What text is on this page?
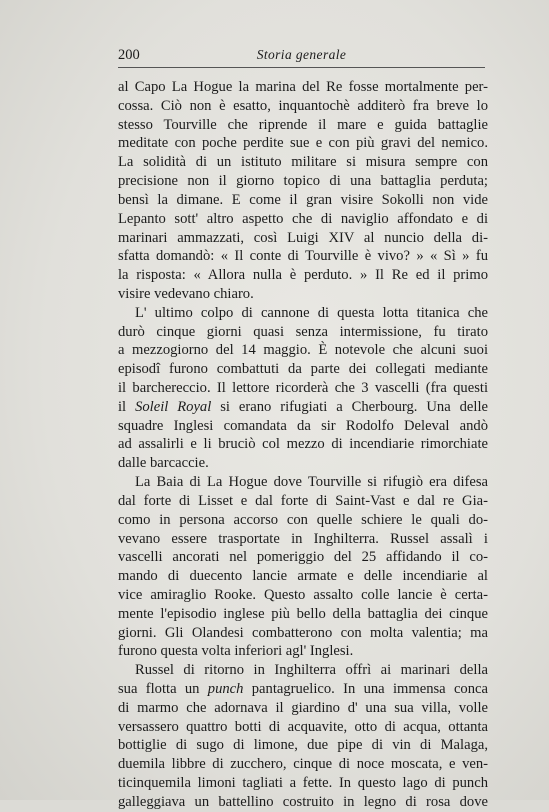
200	Storia generale
al Capo La Hogue la marina del Re fosse mortalmente per-
cossa. Ciò non è esatto, inquantochè additerò fra breve lo
stesso Tourville che riprende il mare e guida battaglie
meditate con poche perdite sue e con più gravi del nemico.
La solidità di un istituto militare si misura sempre con
precisione non il giorno topico di una battaglia perduta;
bensì la dimane. E come il gran visire Sokolli non vide
Lepanto sott' altro aspetto che di naviglio affondato e di
marinari ammazzati, così Luigi XIV al nuncio della di-
sfatta domandò: « Il conte di Tourville è vivo? » « Sì » fu
la risposta: « Allora nulla è perduto. » Il Re ed il primo
visire vedevano chiaro.
L' ultimo colpo di cannone di questa lotta titanica che
durò cinque giorni quasi senza intermissione, fu tirato
a mezzogiorno del 14 maggio. È notevole che alcuni suoi
episodî furono combattuti da parte dei collegati mediante
il barchereccio. Il lettore ricorderà che 3 vascelli (fra questi
il Soleil Royal si erano rifugiati a Cherbourg. Una delle
squadre Inglesi comandata da sir Rodolfo Deleval andò
ad assalirli e li bruciò col mezzo di incendiarie rimorchiate
dalle barcaccie.
La Baia di La Hogue dove Tourville si rifugiò era difesa
dal forte di Lisset e dal forte di Saint-Vast e dal re Gia-
como in persona accorso con quelle schiere le quali do-
vevano essere trasportate in Inghilterra. Russel assalì i
vascelli ancorati nel pomeriggio del 25 affidando il co-
mando di duecento lancie armate e delle incendiarie al
vice amiraglio Rooke. Questo assalto colle lancie è certa-
mente l'episodio inglese più bello della battaglia dei cinque
giorni. Gli Olandesi combatterono con molta valentia; ma
furono questa volta inferiori agl' Inglesi.
Russel di ritorno in Inghilterra offrì ai marinari della
sua flotta un punch pantagruelico. In una immensa conca
di marmo che adornava il giardino d' una sua villa, volle
versassero quattro botti di acquavite, otto di acqua, ottanta
bottiglie di sugo di limone, due pipe di vin di Malaga,
duemila libbre di zucchero, cinque di noce moscata, e ven-
ticinquemila limoni tagliati a fette. In questo lago di punch
galleggiava un battellino costruito in legno di rosa dove
